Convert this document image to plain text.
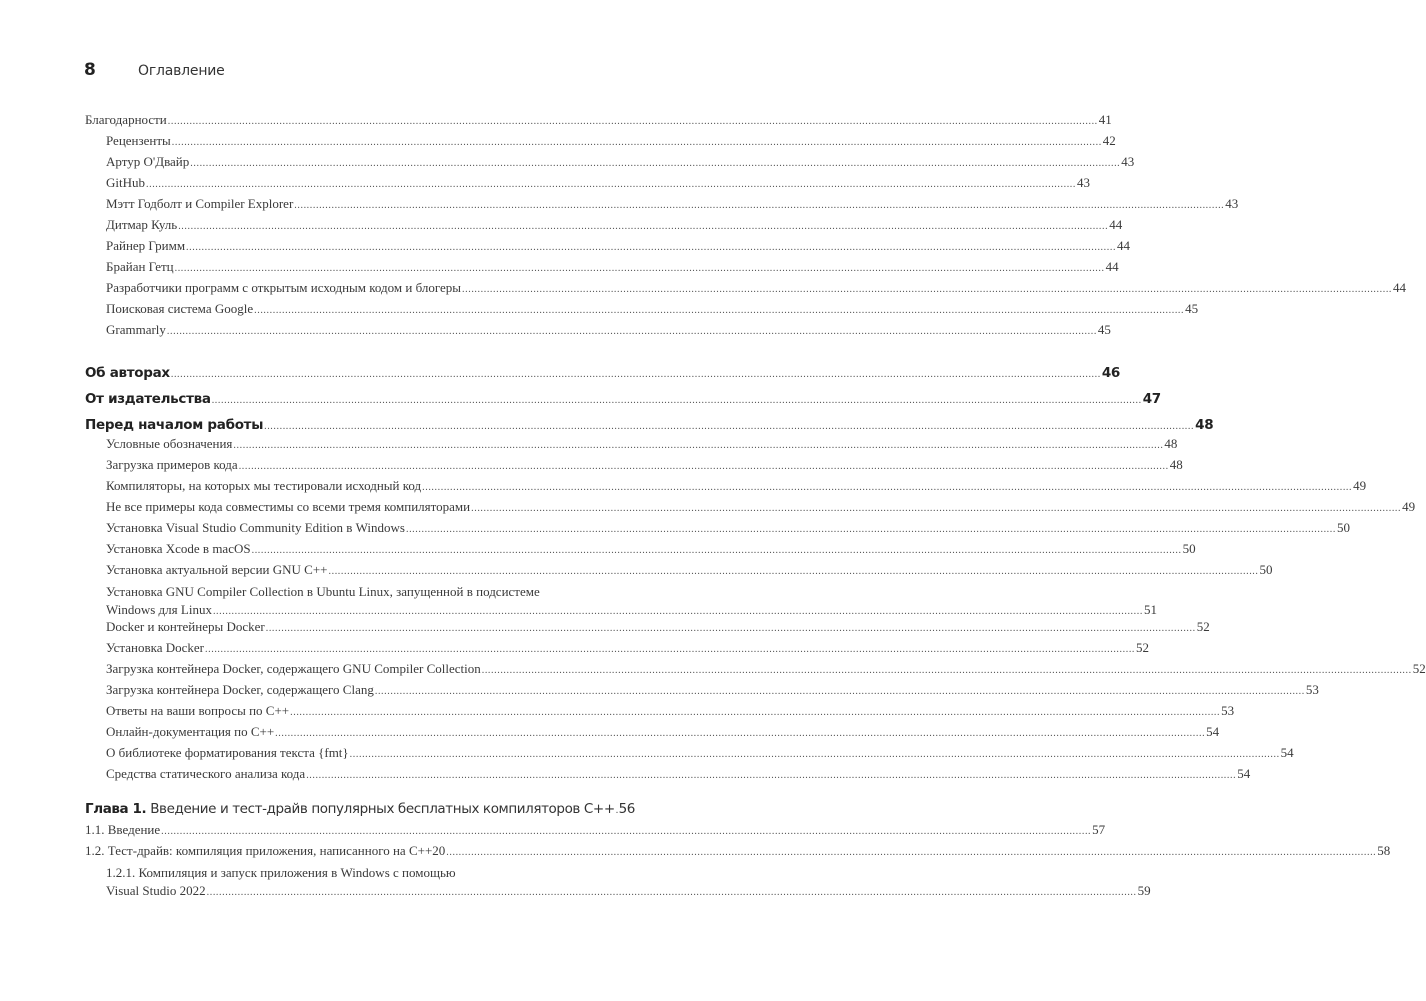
8	Оглавление
Благодарности ............................................................................................................................................................................................................................................................................................................ 41
Рецензенты ............................................................................................................................................................................................................................................................................................................ 42
Артур О'Двайр ............................................................................................................................................................................................................................................................................................................ 43
GitHub ............................................................................................................................................................................................................................................................................................................ 43
Мэтт Годболт и Compiler Explorer ............................................................................................................................................................................................................................................................................................................ 43
Дитмар Куль ............................................................................................................................................................................................................................................................................................................ 44
Райнер Гримм ............................................................................................................................................................................................................................................................................................................ 44
Брайан Гетц ............................................................................................................................................................................................................................................................................................................ 44
Разработчики программ с открытым исходным кодом и блогеры ............................................................................................................................................................................................................................................................................................................ 44
Поисковая система Google ............................................................................................................................................................................................................................................................................................................ 45
Grammarly ............................................................................................................................................................................................................................................................................................................ 45
Об авторах ............................................................................................................................................................................................................................................................................................................ 46
От издательства ............................................................................................................................................................................................................................................................................................................ 47
Перед началом работы ............................................................................................................................................................................................................................................................................................................ 48
Условные обозначения ............................................................................................................................................................................................................................................................................................................ 48
Загрузка примеров кода ............................................................................................................................................................................................................................................................................................................ 48
Компиляторы, на которых мы тестировали исходный код ............................................................................................................................................................................................................................................................................................................ 49
Не все примеры кода совместимы со всеми тремя компиляторами ............................................................................................................................................................................................................................................................................................................ 49
Установка Visual Studio Community Edition в Windows ............................................................................................................................................................................................................................................................................................................ 50
Установка Xcode в macOS ............................................................................................................................................................................................................................................................................................................ 50
Установка актуальной версии GNU C++ ............................................................................................................................................................................................................................................................................................................ 50
Установка GNU Compiler Collection в Ubuntu Linux, запущенной в подсистеме
Windows для Linux ............................................................................................................................................................................................................................................................................................................ 51
Docker и контейнеры Docker ............................................................................................................................................................................................................................................................................................................ 52
Установка Docker ............................................................................................................................................................................................................................................................................................................ 52
Загрузка контейнера Docker, содержащего GNU Compiler Collection ............................................................................................................................................................................................................................................................................................................ 52
Загрузка контейнера Docker, содержащего Clang ............................................................................................................................................................................................................................................................................................................ 53
Ответы на ваши вопросы по C++ ............................................................................................................................................................................................................................................................................................................ 53
Онлайн-документация по C++ ............................................................................................................................................................................................................................................................................................................ 54
О библиотеке форматирования текста {fmt} ............................................................................................................................................................................................................................................................................................................ 54
Средства статического анализа кода ............................................................................................................................................................................................................................................................................................................ 54
Глава 1. Введение и тест-драйв популярных бесплатных компиляторов C++ 56
1.1. Введение ............................................................................................................................................................................................................................................................................................................ 57
1.2. Тест-драйв: компиляция приложения, написанного на C++20 ............................................................................................................................................................................................................................................................................................................ 58
1.2.1. Компиляция и запуск приложения в Windows с помощью
Visual Studio 2022 ............................................................................................................................................................................................................................................................................................................ 59
